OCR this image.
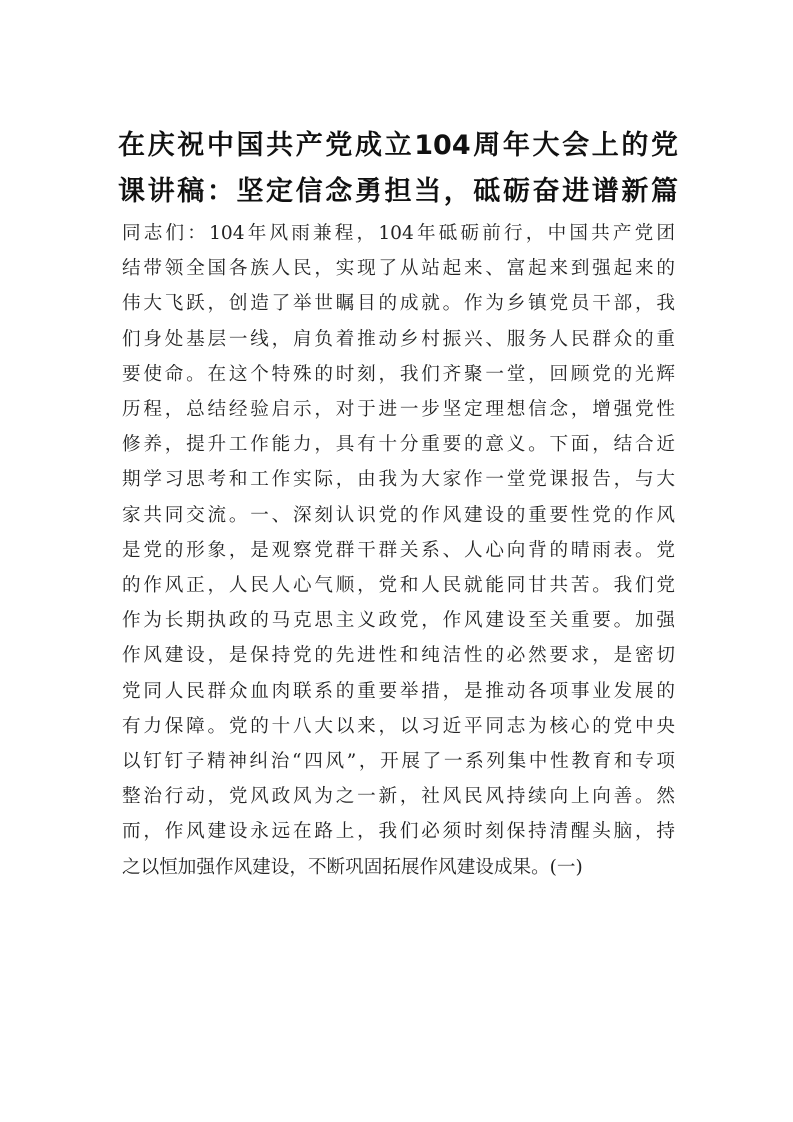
在庆祝中国共产党成立104周年大会上的党
课讲稿：坚定信念勇担当，砥砺奋进谱新篇
同志们：104年风雨兼程，104年砥砺前行，中国共产党团
结带领全国各族人民，实现了从站起来、富起来到强起来的
伟大飞跃，创造了举世瞩目的成就。作为乡镇党员干部，我
们身处基层一线，肩负着推动乡村振兴、服务人民群众的重
要使命。在这个特殊的时刻，我们齐聚一堂，回顾党的光辉
历程，总结经验启示，对于进一步坚定理想信念，增强党性
修养，提升工作能力，具有十分重要的意义。下面，结合近
期学习思考和工作实际，由我为大家作一堂党课报告，与大
家共同交流。一、深刻认识党的作风建设的重要性党的作风
是党的形象，是观察党群干群关系、人心向背的晴雨表。党
的作风正，人民人心气顺，党和人民就能同甘共苦。我们党
作为长期执政的马克思主义政党，作风建设至关重要。加强
作风建设，是保持党的先进性和纯洁性的必然要求，是密切
党同人民群众血肉联系的重要举措，是推动各项事业发展的
有力保障。党的十八大以来，以习近平同志为核心的党中央
以钉钉子精神纠治“四风”，开展了一系列集中性教育和专项
整治行动，党风政风为之一新，社风民风持续向上向善。然
而，作风建设永远在路上，我们必须时刻保持清醒头脑，持
之以恒加强作风建设，不断巩固拓展作风建设成果。(一)
